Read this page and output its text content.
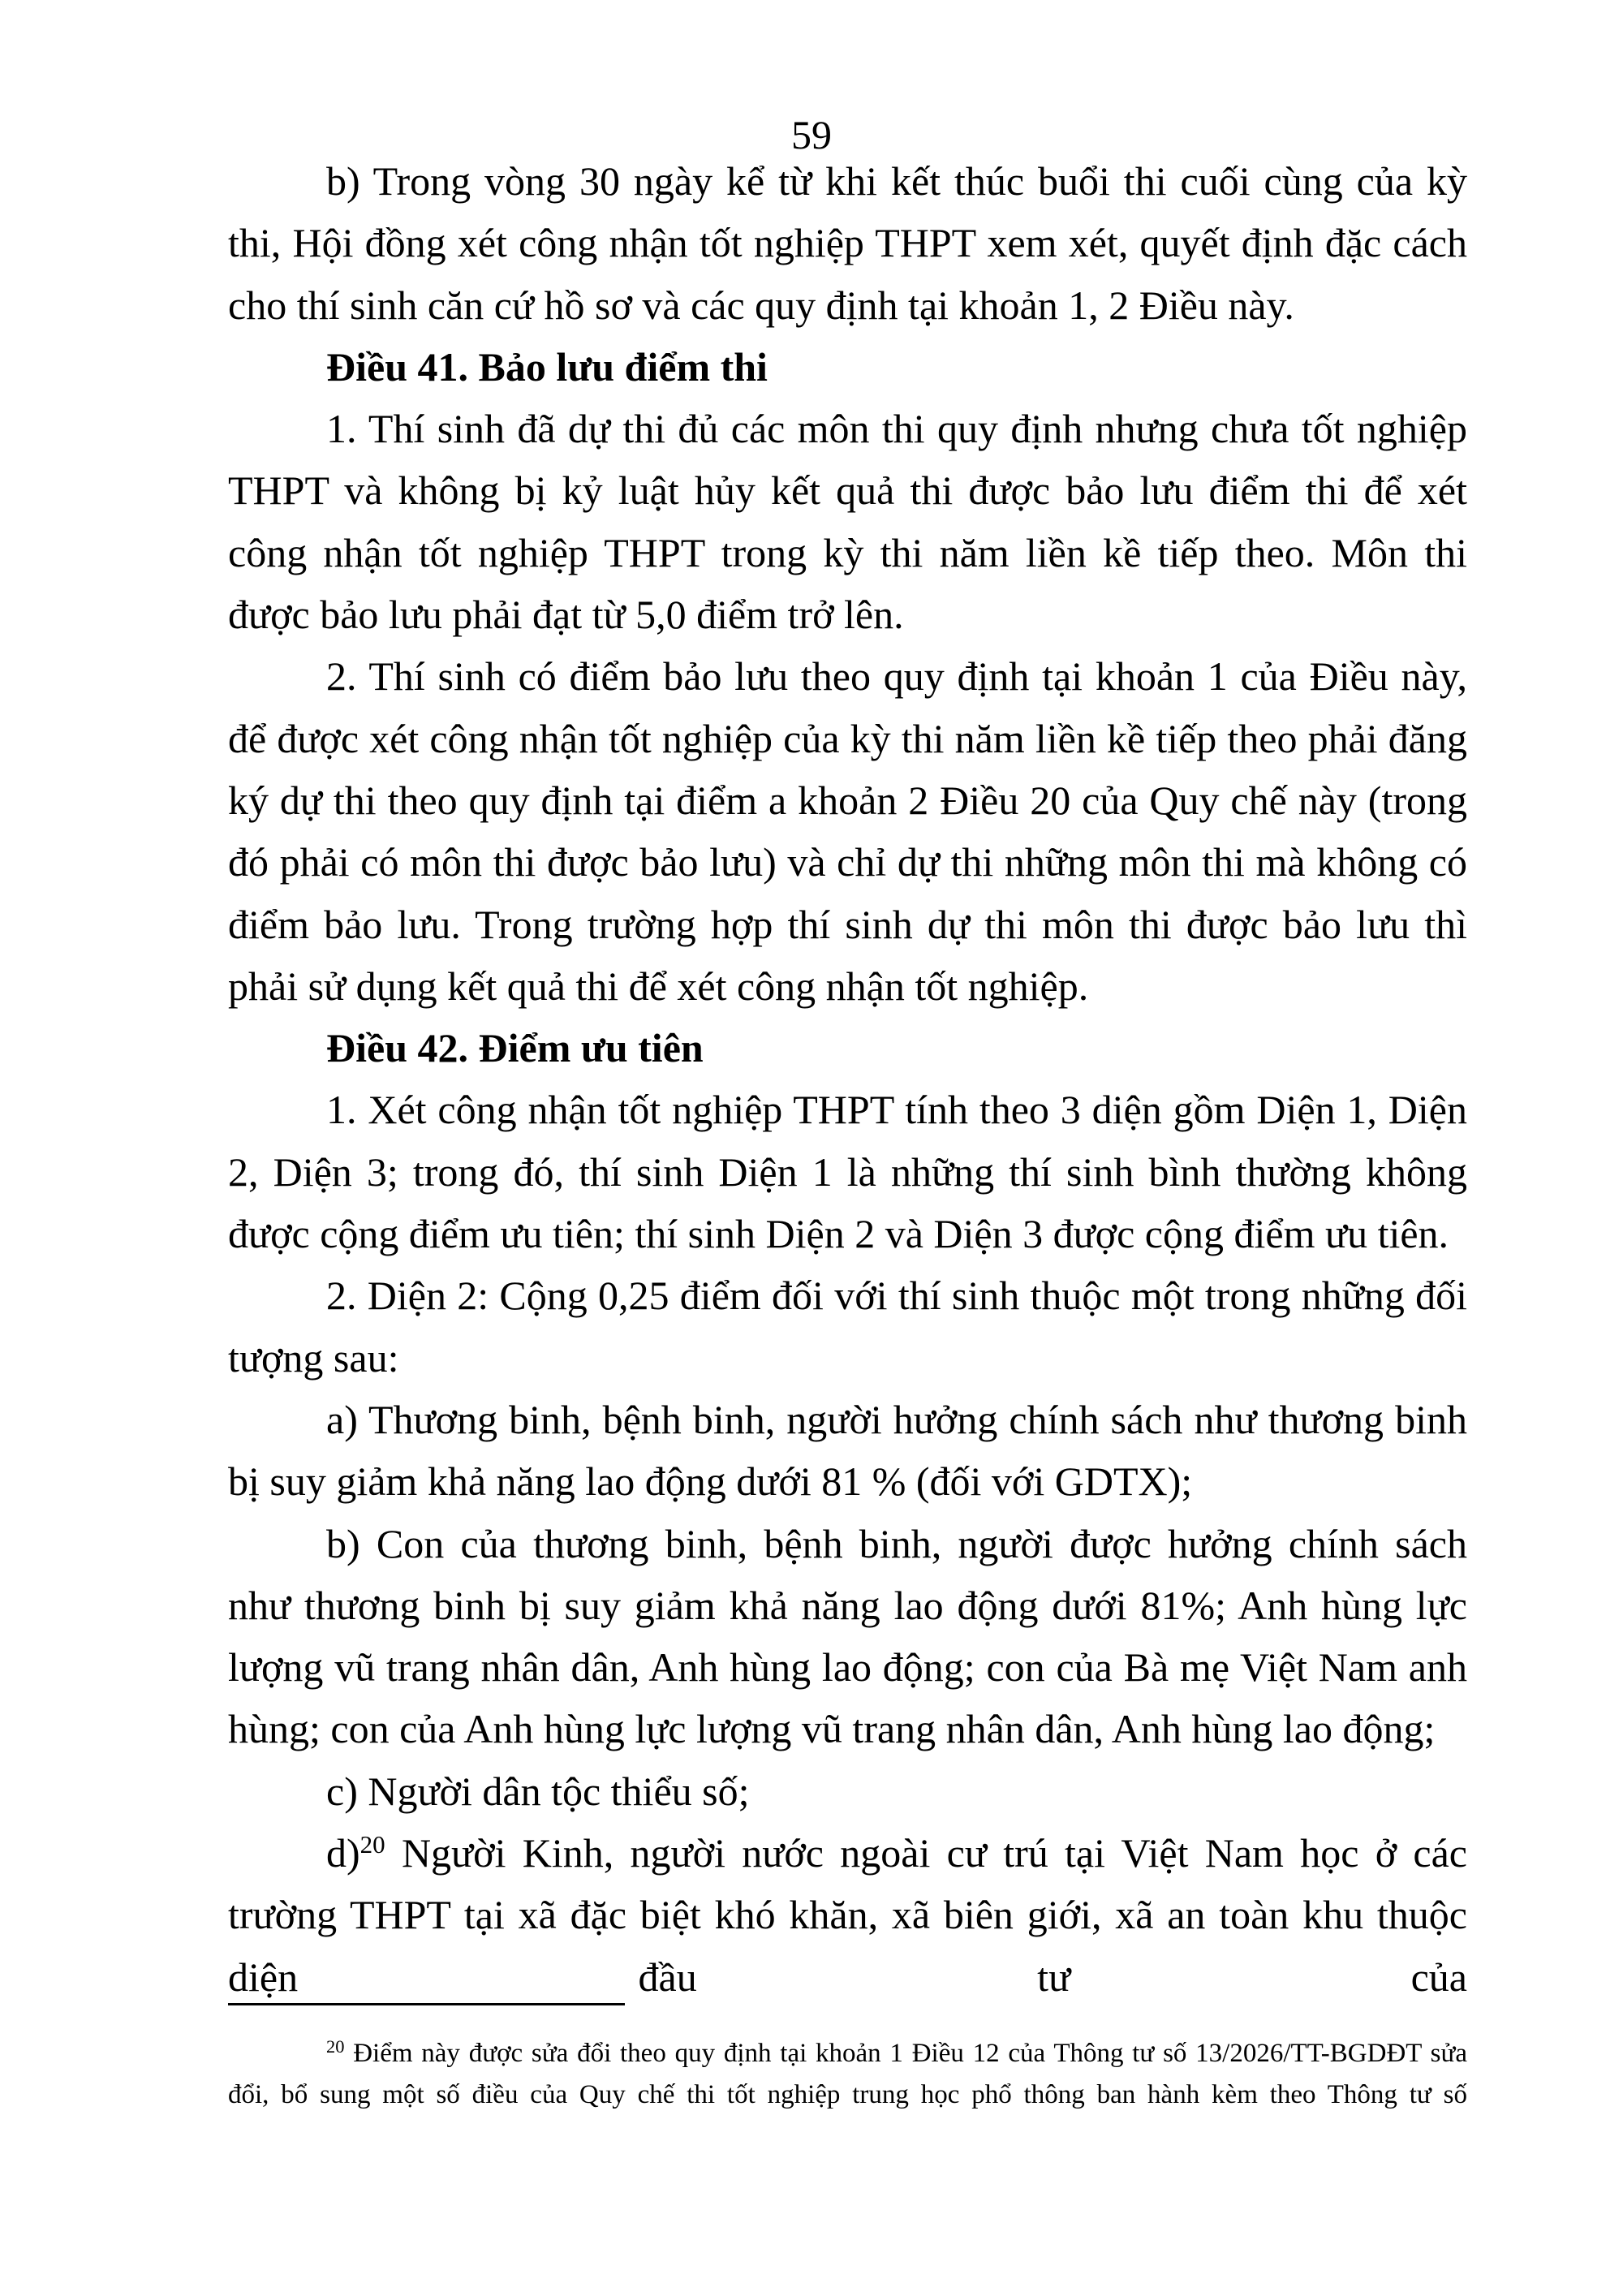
59

b) Trong vòng 30 ngày kể từ khi kết thúc buổi thi cuối cùng của kỳ thi, Hội đồng xét công nhận tốt nghiệp THPT xem xét, quyết định đặc cách cho thí sinh căn cứ hồ sơ và các quy định tại khoản 1, 2 Điều này.

Điều 41. Bảo lưu điểm thi

1. Thí sinh đã dự thi đủ các môn thi quy định nhưng chưa tốt nghiệp THPT và không bị kỷ luật hủy kết quả thi được bảo lưu điểm thi để xét công nhận tốt nghiệp THPT trong kỳ thi năm liền kề tiếp theo. Môn thi được bảo lưu phải đạt từ 5,0 điểm trở lên.

2. Thí sinh có điểm bảo lưu theo quy định tại khoản 1 của Điều này, để được xét công nhận tốt nghiệp của kỳ thi năm liền kề tiếp theo phải đăng ký dự thi theo quy định tại điểm a khoản 2 Điều 20 của Quy chế này (trong đó phải có môn thi được bảo lưu) và chỉ dự thi những môn thi mà không có điểm bảo lưu. Trong trường hợp thí sinh dự thi môn thi được bảo lưu thì phải sử dụng kết quả thi để xét công nhận tốt nghiệp.

Điều 42. Điểm ưu tiên

1. Xét công nhận tốt nghiệp THPT tính theo 3 diện gồm Diện 1, Diện 2, Diện 3; trong đó, thí sinh Diện 1 là những thí sinh bình thường không được cộng điểm ưu tiên; thí sinh Diện 2 và Diện 3 được cộng điểm ưu tiên.

2. Diện 2: Cộng 0,25 điểm đối với thí sinh thuộc một trong những đối tượng sau:

a) Thương binh, bệnh binh, người hưởng chính sách như thương binh bị suy giảm khả năng lao động dưới 81 % (đối với GDTX);

b) Con của thương binh, bệnh binh, người được hưởng chính sách như thương binh bị suy giảm khả năng lao động dưới 81%; Anh hùng lực lượng vũ trang nhân dân, Anh hùng lao động; con của Bà mẹ Việt Nam anh hùng; con của Anh hùng lực lượng vũ trang nhân dân, Anh hùng lao động;

c) Người dân tộc thiểu số;

d)$^{20}$ Người Kinh, người nước ngoài cư trú tại Việt Nam học ở các trường THPT tại xã đặc biệt khó khăn, xã biên giới, xã an toàn khu thuộc diện đầu tư của

$^{20}$ Điểm này được sửa đổi theo quy định tại khoản 1 Điều 12 của Thông tư số 13/2026/TT-BGDĐT sửa đổi, bổ sung một số điều của Quy chế thi tốt nghiệp trung học phổ thông ban hành kèm theo Thông tư số
